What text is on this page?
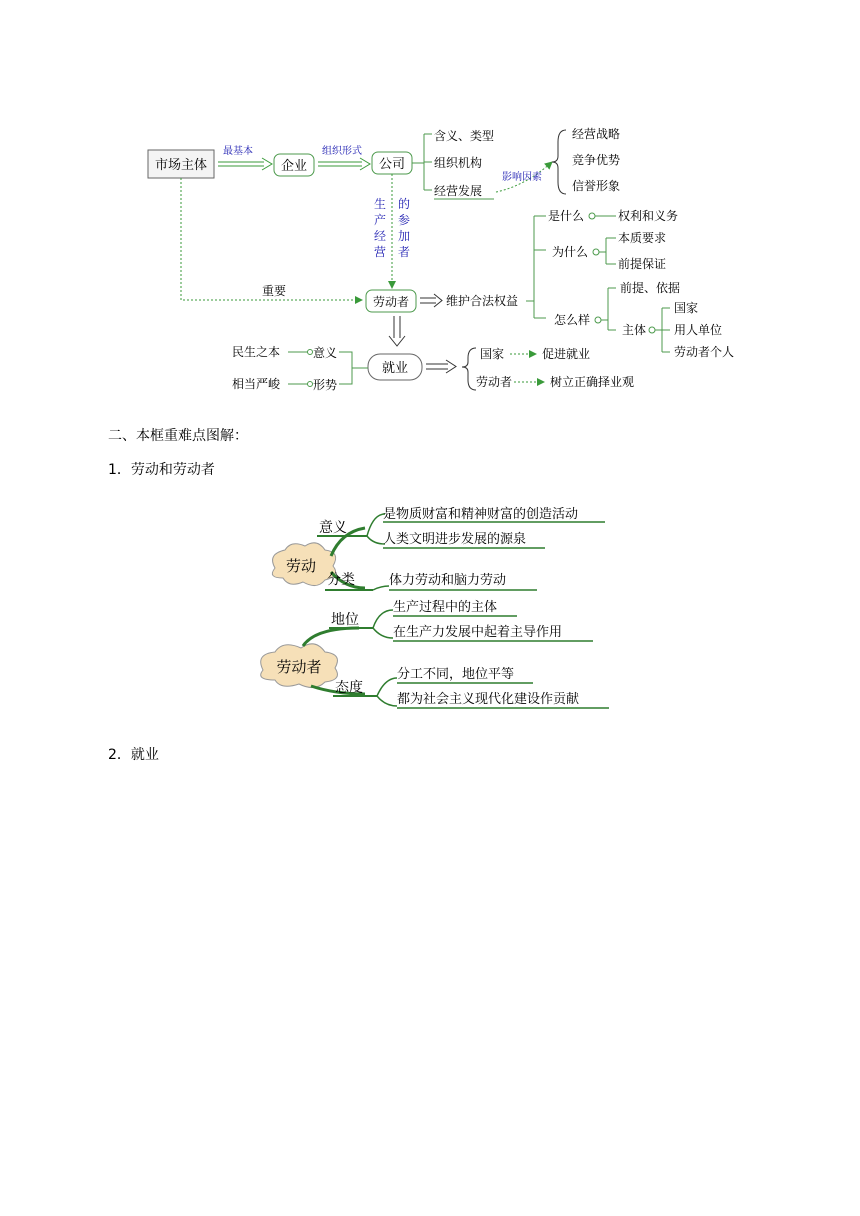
市场主体
最基本
企业
组织形式
公司
含义、类型
组织机构
经营发展
影响因素
经营战略
竞争优势
信誉形象
生
产
经
营
的
参
加
者
重要
劳动者	维护合法权益
是什么	权利和义务
为什么
本质要求
前提保证
怎么样
前提、依据
主体
国家
用人单位
劳动者个人
就业
民生之本	意义
相当严峻	形势
国家	促进就业
劳动者	树立正确择业观
二、本框重难点图解：
1．劳动和劳动者
劳动
意义
分类
是物质财富和精神财富的创造活动
人类文明进步发展的源泉
体力劳动和脑力劳动
劳动者
地位
生产过程中的主体
在生产力发展中起着主导作用
态度
分工不同，地位平等
都为社会主义现代化建设作贡献
2．就业
